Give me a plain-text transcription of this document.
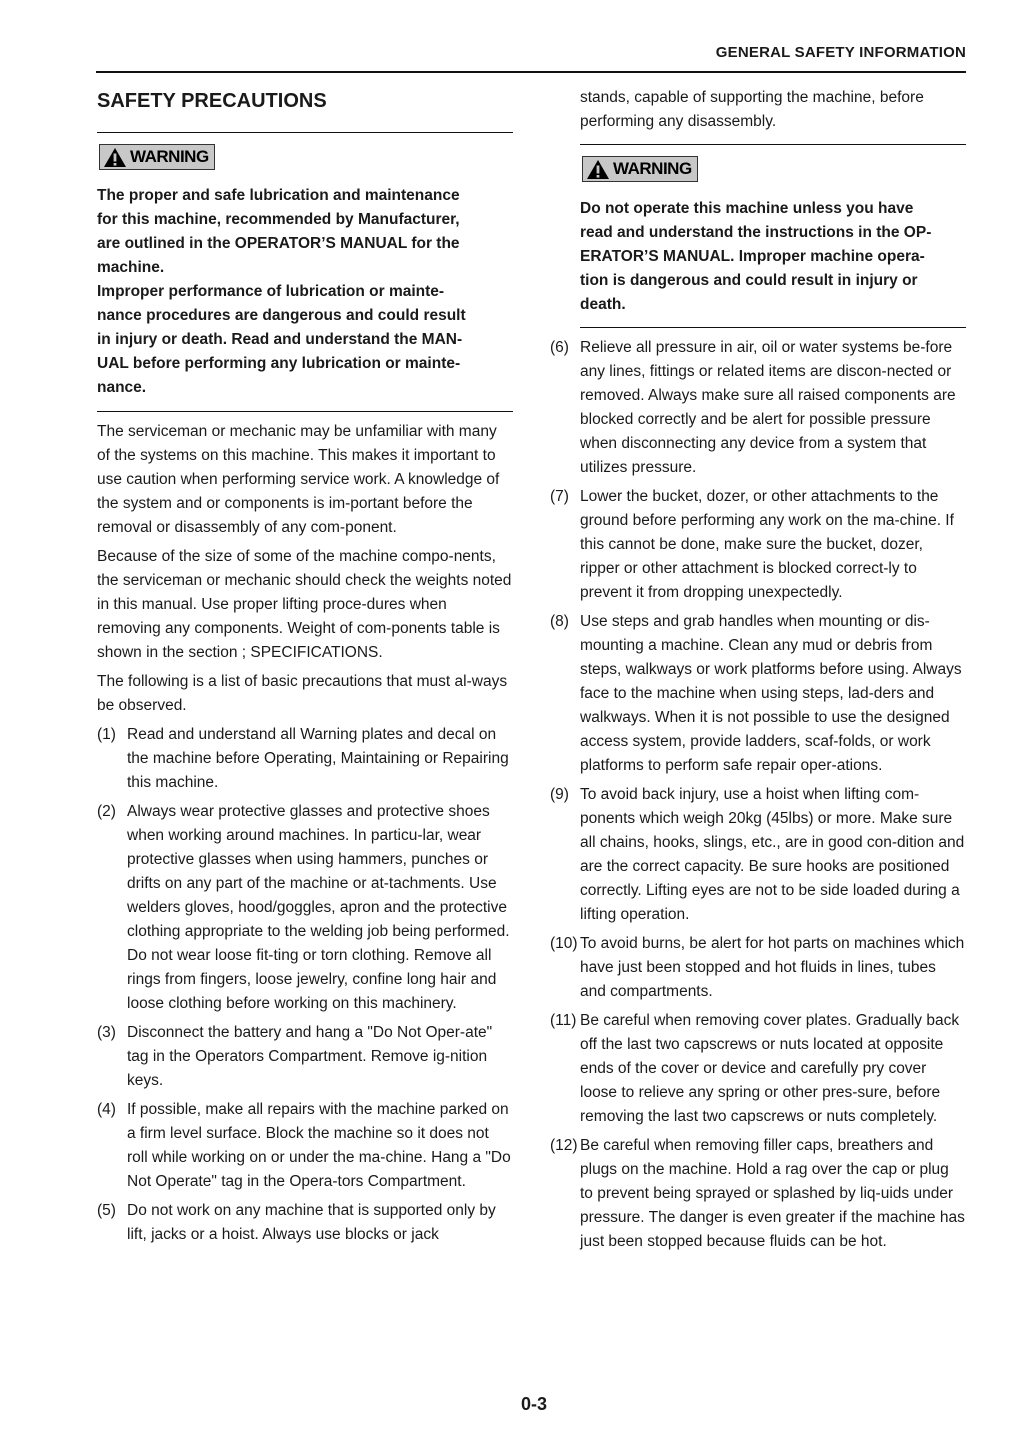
GENERAL SAFETY INFORMATION
SAFETY PRECAUTIONS
WARNING

The proper and safe lubrication and maintenance

for this machine, recommended by Manufacturer,

are outlined in the OPERATOR’S MANUAL for the

machine.

Improper performance of lubrication or mainte-

nance procedures are dangerous and could result

in injury or death. Read and understand the MAN-

UAL before performing any lubrication or mainte-

nance.

The serviceman or mechanic may be unfamiliar with many of the systems on this machine. This makes it important to use caution when performing service work. A knowledge of the system and or components is im-portant before the removal or disassembly of any com-ponent.

Because of the size of some of the machine compo-nents, the serviceman or mechanic should check the weights noted in this manual. Use proper lifting proce-dures when removing any components. Weight of com-ponents table is shown in the section ; SPECIFICATIONS.

The following is a list of basic precautions that must al-ways be observed.

(1) Read and understand all Warning plates and decal on the machine before Operating, Maintaining or Repairing this machine.
(2) Always wear protective glasses and protective shoes when working around machines. In particu-lar, wear protective glasses when using hammers, punches or drifts on any part of the machine or at-tachments. Use welders gloves, hood/goggles, apron and the protective clothing appropriate to the welding job being performed. Do not wear loose fit-ting or torn clothing. Remove all rings from fingers, loose jewelry, confine long hair and loose clothing before working on this machinery.
(3) Disconnect the battery and hang a "Do Not Oper-ate" tag in the Operators Compartment. Remove ig-nition keys.
(4) If possible, make all repairs with the machine parked on a firm level surface. Block the machine so it does not roll while working on or under the ma-chine. Hang a "Do Not Operate" tag in the Opera-tors Compartment.
(5) Do not work on any machine that is supported only by lift, jacks or a hoist. Always use blocks or jack
stands, capable of supporting the machine, before performing any disassembly.
WARNING

Do not operate this machine unless you have

read and understand the instructions in the OP-

ERATOR’S MANUAL. Improper machine opera-

tion is dangerous and could result in injury or

death.

(6) Relieve all pressure in air, oil or water systems be-fore any lines, fittings or related items are discon-nected or removed. Always make sure all raised components are blocked correctly and be alert for possible pressure when disconnecting any device from a system that utilizes pressure.
(7) Lower the bucket, dozer, or other attachments to the ground before performing any work on the ma-chine. If this cannot be done, make sure the bucket, dozer, ripper or other attachment is blocked correct-ly to prevent it from dropping unexpectedly.
(8) Use steps and grab handles when mounting or dis-mounting a machine. Clean any mud or debris from steps, walkways or work platforms before using. Always face to the machine when using steps, lad-ders and walkways. When it is not possible to use the designed access system, provide ladders, scaf-folds, or work platforms to perform safe repair oper-ations.
(9) To avoid back injury, use a hoist when lifting com-ponents which weigh 20kg (45lbs) or more. Make sure all chains, hooks, slings, etc., are in good con-dition and are the correct capacity. Be sure hooks are positioned correctly. Lifting eyes are not to be side loaded during a lifting operation.
(10) To avoid burns, be alert for hot parts on machines which have just been stopped and hot fluids in lines, tubes and compartments.
(11) Be careful when removing cover plates. Gradually back off the last two capscrews or nuts located at opposite ends of the cover or device and carefully pry cover loose to relieve any spring or other pres-sure, before removing the last two capscrews or nuts completely.
(12) Be careful when removing filler caps, breathers and plugs on the machine. Hold a rag over the cap or plug to prevent being sprayed or splashed by liq-uids under pressure. The danger is even greater if the machine has just been stopped because fluids can be hot.
0-3
